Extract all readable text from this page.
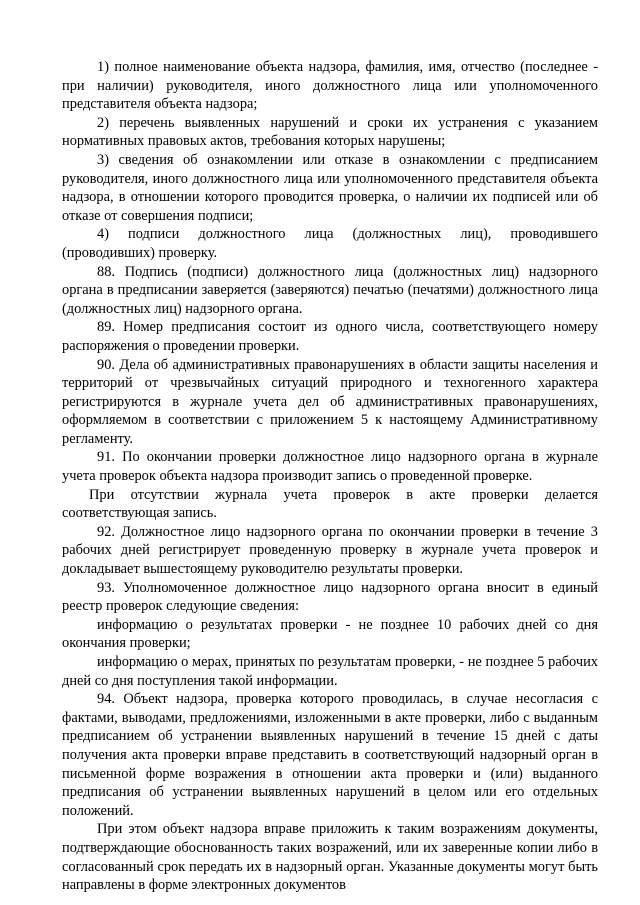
1) полное наименование объекта надзора, фамилия, имя, отчество (последнее - при наличии) руководителя, иного должностного лица или уполномоченного представителя объекта надзора;

2) перечень выявленных нарушений и сроки их устранения с указанием нормативных правовых актов, требования которых нарушены;

3) сведения об ознакомлении или отказе в ознакомлении с предписанием руководителя, иного должностного лица или уполномоченного представителя объекта надзора, в отношении которого проводится проверка, о наличии их подписей или об отказе от совершения подписи;

4) подписи должностного лица (должностных лиц), проводившего (проводивших) проверку.

88. Подпись (подписи) должностного лица (должностных лиц) надзорного органа в предписании заверяется (заверяются) печатью (печатями) должностного лица (должностных лиц) надзорного органа.

89. Номер предписания состоит из одного числа, соответствующего номеру распоряжения о проведении проверки.

90. Дела об административных правонарушениях в области защиты населения и территорий от чрезвычайных ситуаций природного и техногенного характера регистрируются в журнале учета дел об административных правонарушениях, оформляемом в соответствии с приложением 5 к настоящему Административному регламенту.

91. По окончании проверки должностное лицо надзорного органа в журнале учета проверок объекта надзора производит запись о проведенной проверке.

При отсутствии журнала учета проверок в акте проверки делается соответствующая запись.

92. Должностное лицо надзорного органа по окончании проверки в течение 3 рабочих дней регистрирует проведенную проверку в журнале учета проверок и докладывает вышестоящему руководителю результаты проверки.

93. Уполномоченное должностное лицо надзорного органа вносит в единый реестр проверок следующие сведения:

информацию о результатах проверки - не позднее 10 рабочих дней со дня окончания проверки;

информацию о мерах, принятых по результатам проверки, - не позднее 5 рабочих дней со дня поступления такой информации.

94. Объект надзора, проверка которого проводилась, в случае несогласия с фактами, выводами, предложениями, изложенными в акте проверки, либо с выданным предписанием об устранении выявленных нарушений в течение 15 дней с даты получения акта проверки вправе представить в соответствующий надзорный орган в письменной форме возражения в отношении акта проверки и (или) выданного предписания об устранении выявленных нарушений в целом или его отдельных положений.

При этом объект надзора вправе приложить к таким возражениям документы, подтверждающие обоснованность таких возражений, или их заверенные копии либо в согласованный срок передать их в надзорный орган. Указанные документы могут быть направлены в форме электронных документов
